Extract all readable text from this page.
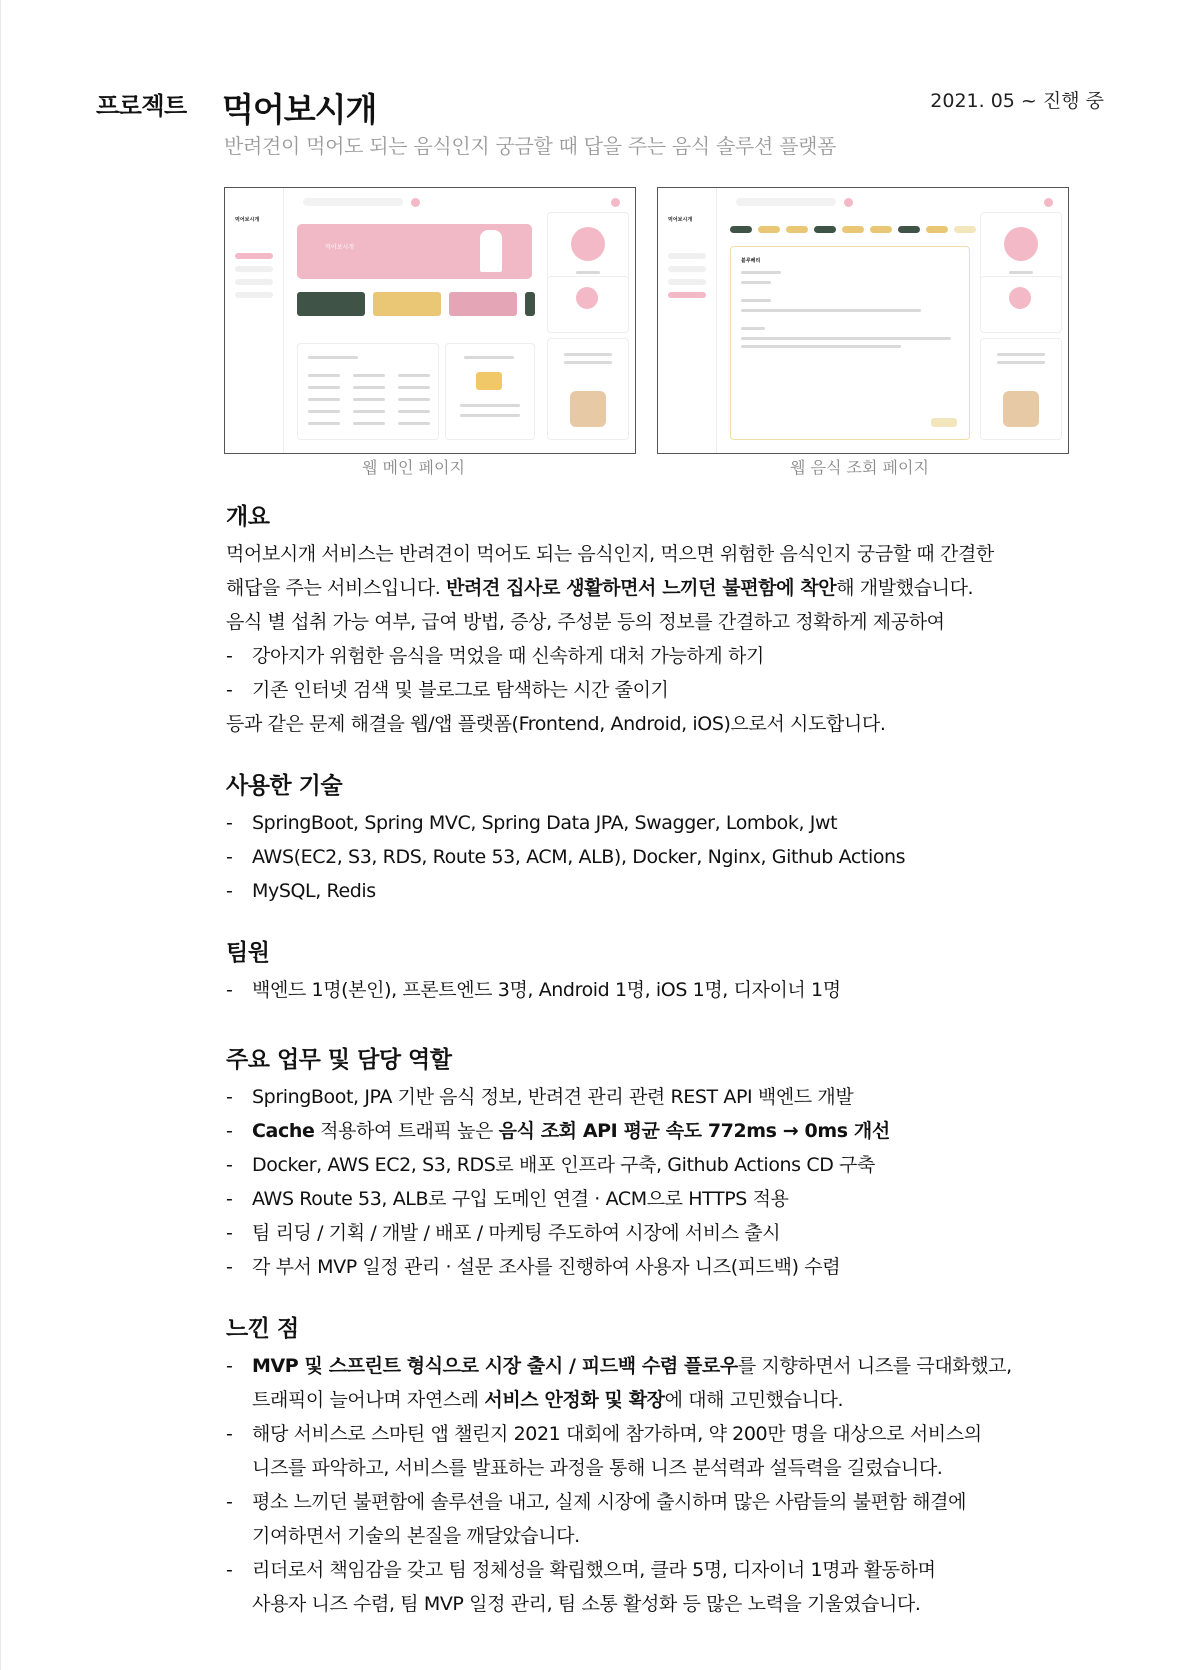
프로젝트 먹어보시개	2021. 05 ~ 진행 중
반려견이 먹어도 되는 음식인지 궁금할 때 답을 주는 음식 솔루션 플랫폼
먹어보시개
먹어보시개
웹 메인 페이지
먹어보시개
블루베리
웹 음식 조회 페이지
개요
먹어보시개 서비스는 반려견이 먹어도 되는 음식인지, 먹으면 위험한 음식인지 궁금할 때 간결한
해답을 주는 서비스입니다. 반려견 집사로 생활하면서 느끼던 불편함에 착안해 개발했습니다.
음식 별 섭취 가능 여부, 급여 방법, 증상, 주성분 등의 정보를 간결하고 정확하게 제공하여
- 강아지가 위험한 음식을 먹었을 때 신속하게 대처 가능하게 하기
- 기존 인터넷 검색 및 블로그로 탐색하는 시간 줄이기
등과 같은 문제 해결을 웹/앱 플랫폼(Frontend, Android, iOS)으로서 시도합니다.
사용한 기술
- SpringBoot, Spring MVC, Spring Data JPA, Swagger, Lombok, Jwt
- AWS(EC2, S3, RDS, Route 53, ACM, ALB), Docker, Nginx, Github Actions
- MySQL, Redis
팀원
- 백엔드 1명(본인), 프론트엔드 3명, Android 1명, iOS 1명, 디자이너 1명
주요 업무 및 담당 역할
- SpringBoot, JPA 기반 음식 정보, 반려견 관리 관련 REST API 백엔드 개발
- Cache 적용하여 트래픽 높은 음식 조회 API 평균 속도 772ms → 0ms 개선
- Docker, AWS EC2, S3, RDS로 배포 인프라 구축, Github Actions CD 구축
- AWS Route 53, ALB로 구입 도메인 연결 · ACM으로 HTTPS 적용
- 팀 리딩 / 기획 / 개발 / 배포 / 마케팅 주도하여 시장에 서비스 출시
- 각 부서 MVP 일정 관리 · 설문 조사를 진행하여 사용자 니즈(피드백) 수렴
느낀 점
- MVP 및 스프린트 형식으로 시장 출시 / 피드백 수렴 플로우를 지향하면서 니즈를 극대화했고,
트래픽이 늘어나며 자연스레 서비스 안정화 및 확장에 대해 고민했습니다.
- 해당 서비스로 스마틴 앱 챌린지 2021 대회에 참가하며, 약 200만 명을 대상으로 서비스의
니즈를 파악하고, 서비스를 발표하는 과정을 통해 니즈 분석력과 설득력을 길렀습니다.
- 평소 느끼던 불편함에 솔루션을 내고, 실제 시장에 출시하며 많은 사람들의 불편함 해결에
기여하면서 기술의 본질을 깨달았습니다.
- 리더로서 책임감을 갖고 팀 정체성을 확립했으며, 클라 5명, 디자이너 1명과 활동하며
사용자 니즈 수렴, 팀 MVP 일정 관리, 팀 소통 활성화 등 많은 노력을 기울였습니다.
